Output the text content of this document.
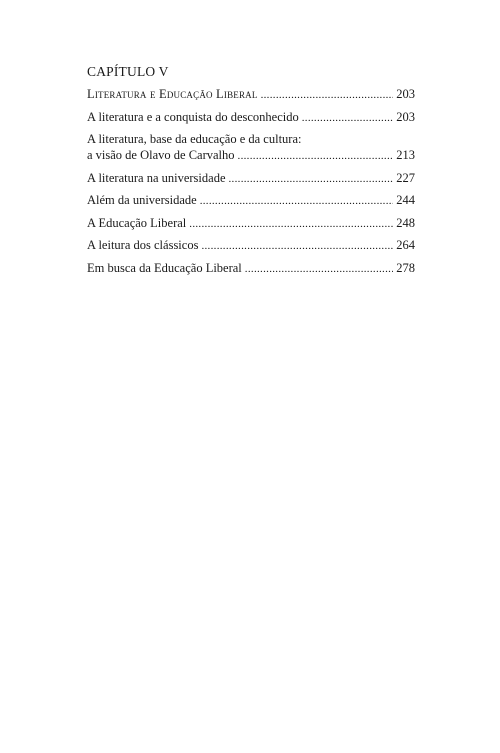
CAPÍTULO V
Literatura e Educação Liberal .....	203
A literatura e a conquista do desconhecido .....	203
A literatura, base da educação e da cultura:
a visão de Olavo de Carvalho .....	213
A literatura na universidade .....	227
Além da universidade .....	244
A Educação Liberal .....	248
A leitura dos clássicos .....	264
Em busca da Educação Liberal .....	278
